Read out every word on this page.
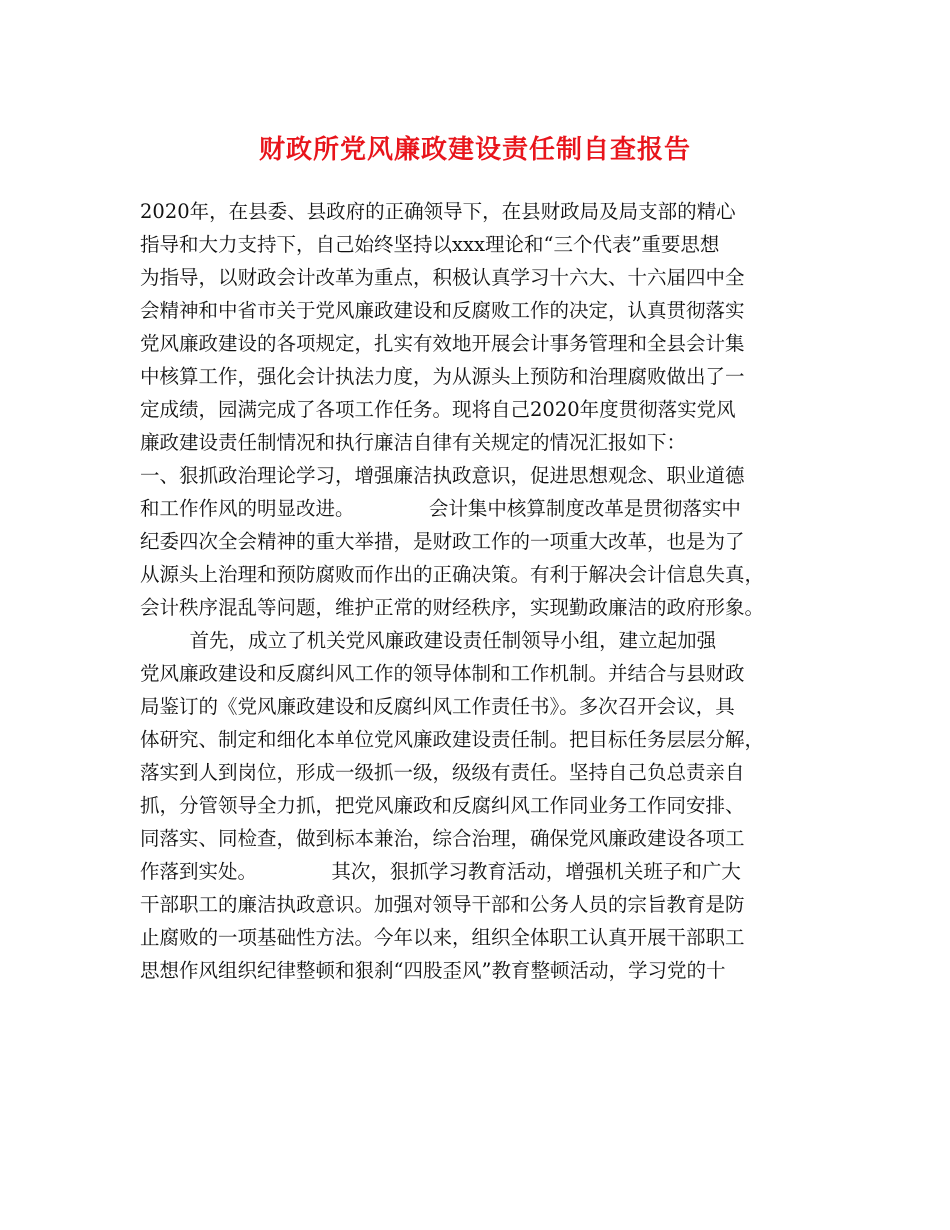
财政所党风廉政建设责任制自查报告
2020年，在县委、县政府的正确领导下，在县财政局及局支部的精心
指导和大力支持下，自己始终坚持以xxx理论和“三个代表”重要思想
为指导，以财政会计改革为重点，积极认真学习十六大、十六届四中全
会精神和中省市关于党风廉政建设和反腐败工作的决定，认真贯彻落实
党风廉政建设的各项规定，扎实有效地开展会计事务管理和全县会计集
中核算工作，强化会计执法力度，为从源头上预防和治理腐败做出了一
定成绩，园满完成了各项工作任务。现将自己2020年度贯彻落实党风
廉政建设责任制情况和执行廉洁自律有关规定的情况汇报如下：
一、狠抓政治理论学习，增强廉洁执政意识，促进思想观念、职业道德
和工作作风的明显改进。            会计集中核算制度改革是贯彻落实中
纪委四次全会精神的重大举措，是财政工作的一项重大改革，也是为了
从源头上治理和预防腐败而作出的正确决策。有利于解决会计信息失真，
会计秩序混乱等问题，维护正常的财经秩序，实现勤政廉洁的政府形象。
首先，成立了机关党风廉政建设责任制领导小组，建立起加强
党风廉政建设和反腐纠风工作的领导体制和工作机制。并结合与县财政
局鉴订的《党风廉政建设和反腐纠风工作责任书》。多次召开会议，具
体研究、制定和细化本单位党风廉政建设责任制。把目标任务层层分解，
落实到人到岗位，形成一级抓一级，级级有责任。坚持自己负总责亲自
抓，分管领导全力抓，把党风廉政和反腐纠风工作同业务工作同安排、
同落实、同检查，做到标本兼治，综合治理，确保党风廉政建设各项工
作落到实处。            其次，狠抓学习教育活动，增强机关班子和广大
干部职工的廉洁执政意识。加强对领导干部和公务人员的宗旨教育是防
止腐败的一项基础性方法。今年以来，组织全体职工认真开展干部职工
思想作风组织纪律整顿和狠刹“四股歪风”教育整顿活动，学习党的十
